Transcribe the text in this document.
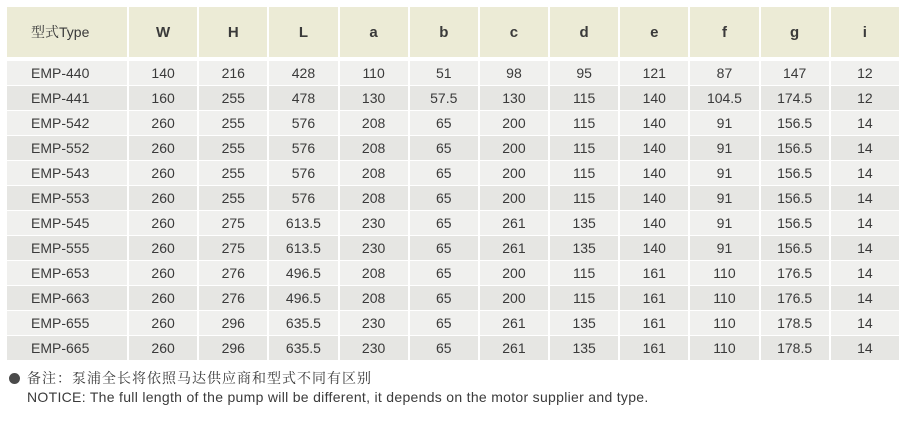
型式Type	W	H	L	a	b	c	d	e	f	g	i
EMP-440	140	216	428	110	51	98	95	121	87	147	12
EMP-441	160	255	478	130	57.5	130	115	140	104.5	174.5	12
EMP-542	260	255	576	208	65	200	115	140	91	156.5	14
EMP-552	260	255	576	208	65	200	115	140	91	156.5	14
EMP-543	260	255	576	208	65	200	115	140	91	156.5	14
EMP-553	260	255	576	208	65	200	115	140	91	156.5	14
EMP-545	260	275	613.5	230	65	261	135	140	91	156.5	14
EMP-555	260	275	613.5	230	65	261	135	140	91	156.5	14
EMP-653	260	276	496.5	208	65	200	115	161	110	176.5	14
EMP-663	260	276	496.5	208	65	200	115	161	110	176.5	14
EMP-655	260	296	635.5	230	65	261	135	161	110	178.5	14
EMP-665	260	296	635.5	230	65	261	135	161	110	178.5	14
备注：泵浦全长将依照马达供应商和型式不同有区别
NOTICE: The full length of the pump will be different, it depends on the motor supplier and type.
